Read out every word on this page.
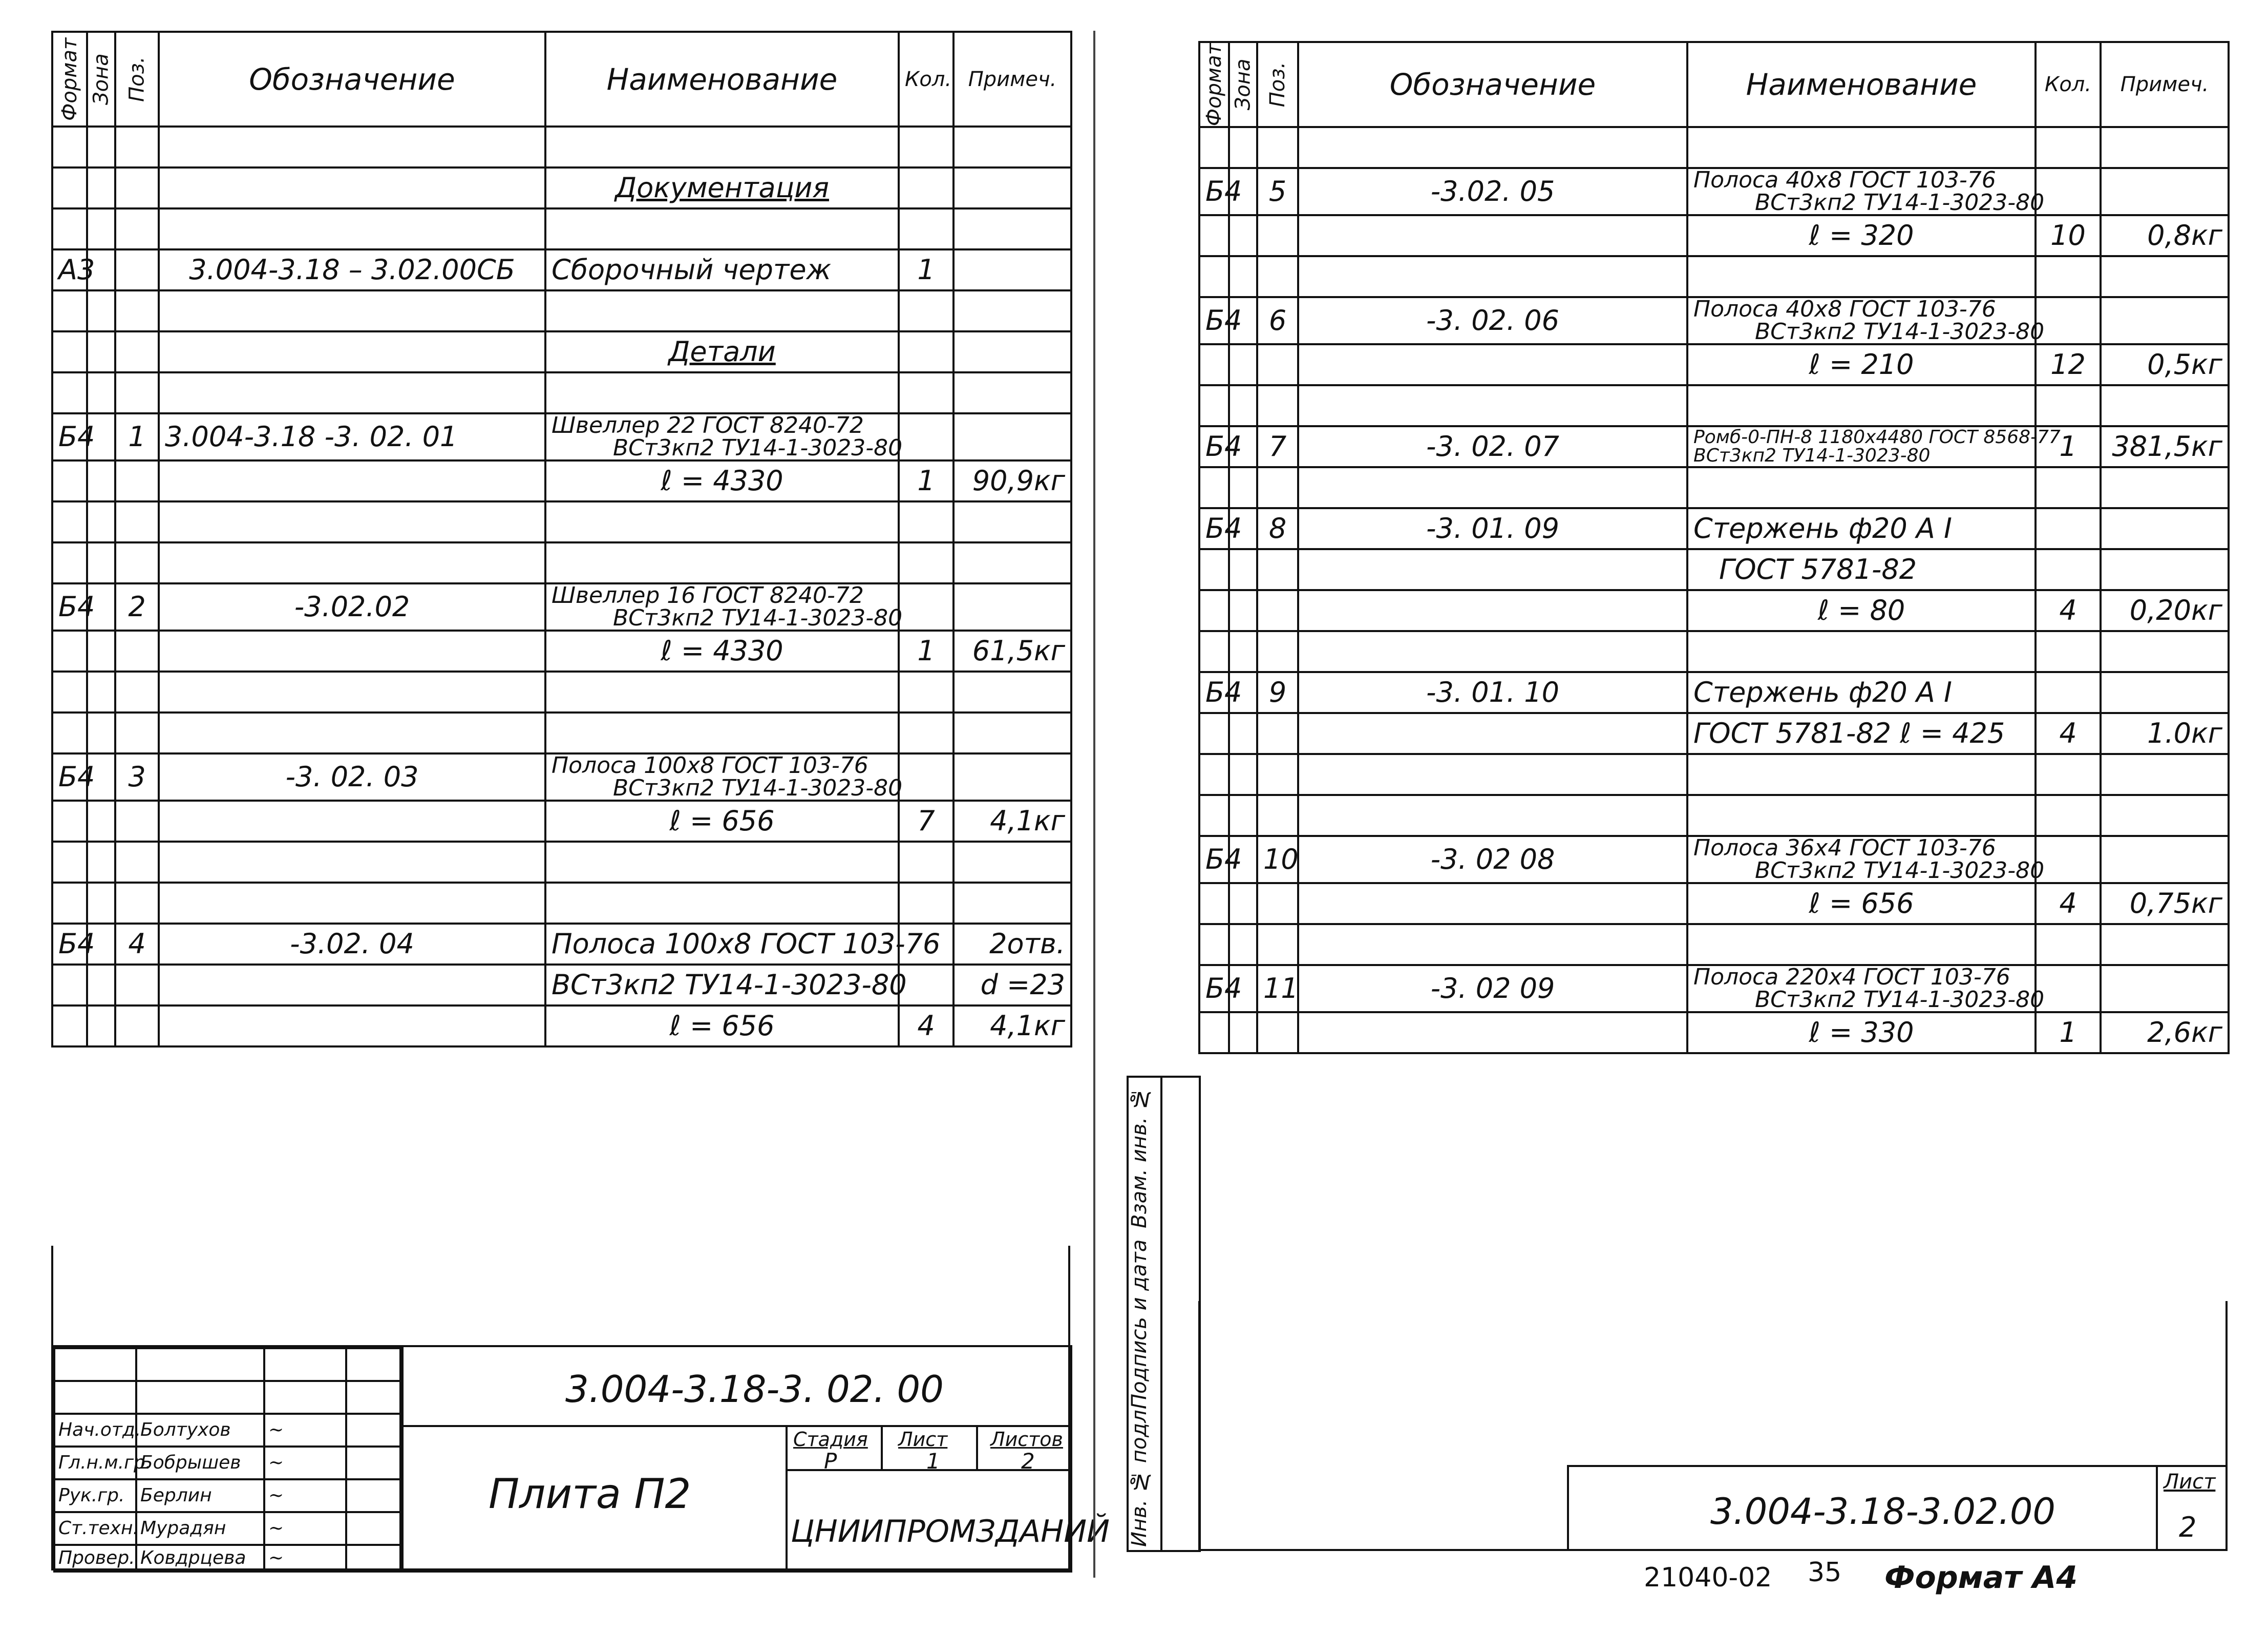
Формат	Зона	Поз.	Обозначение	Наименование	Кол.	Примеч.

				Документация		

А3			3.004-3.18 – 3.02.00СБ	Сборочный чертеж	1	

				Детали		

Б4		1	3.004-3.18 -3. 02. 01	Швеллер 22 ГОСТ 8240-72
ВСт3кп2 ТУ14-1-3023-80		

				ℓ = 4330	1	90,9кг

Б4		2	-3.02.02	Швеллер 16 ГОСТ 8240-72
ВСт3кп2 ТУ14-1-3023-80		

				ℓ = 4330	1	61,5кг

Б4		3	-3. 02. 03	Полоса 100х8 ГОСТ 103-76
ВСт3кп2 ТУ14-1-3023-80		

				ℓ = 656	7	4,1кг

Б4		4	-3.02. 04	Полоса 100х8 ГОСТ 103-76		2отв.
				ВСт3кп2 ТУ14-1-3023-80		d =23
				ℓ = 656	4	4,1кг

Нач.отд.	Болтухов	~	
Гл.н.м.гр.	Бобрышев	~	
Рук.гр.	Берлин	~	
Ст.техн.	Мурадян	~	
Провер.	Ковдрцева	~	
3.004-3.18-3. 02. 00
Плита П2
Стадия Лист Листов
Р	1	2
ЦНИИПРОМЗДАНИЙ
Взам. инв. №
Подпись и дата
Инв. № подл.
Формат	Зона	Поз.	Обозначение	Наименование	Кол.	Примеч.

Б4		5	-3.02. 05	Полоса 40х8 ГОСТ 103-76
ВСт3кп2 ТУ14-1-3023-80		

				ℓ = 320	10	0,8кг

Б4		6	-3. 02. 06	Полоса 40х8 ГОСТ 103-76
ВСт3кп2 ТУ14-1-3023-80		

				ℓ = 210	12	0,5кг

Б4		7	-3. 02. 07	Ромб-0-ПН-8 1180х4480 ГОСТ 8568-77
ВСт3кп2 ТУ14-1-3023-80	1	381,5кг

Б4		8	-3. 01. 09	Стержень ф20 А I		
				ГОСТ 5781-82		
				ℓ = 80	4	0,20кг

Б4		9	-3. 01. 10	Стержень ф20 А I		
				ГОСТ 5781-82 ℓ = 425	4	1.0кг

Б4		10	-3. 02 08	Полоса 36х4 ГОСТ 103-76
ВСт3кп2 ТУ14-1-3023-80		

				ℓ = 656	4	0,75кг

Б4		11	-3. 02 09	Полоса 220х4 ГОСТ 103-76
ВСт3кп2 ТУ14-1-3023-80		

				ℓ = 330	1	2,6кг
3.004-3.18-3.02.00
Лист
2
21040-02 35 Формат А4
